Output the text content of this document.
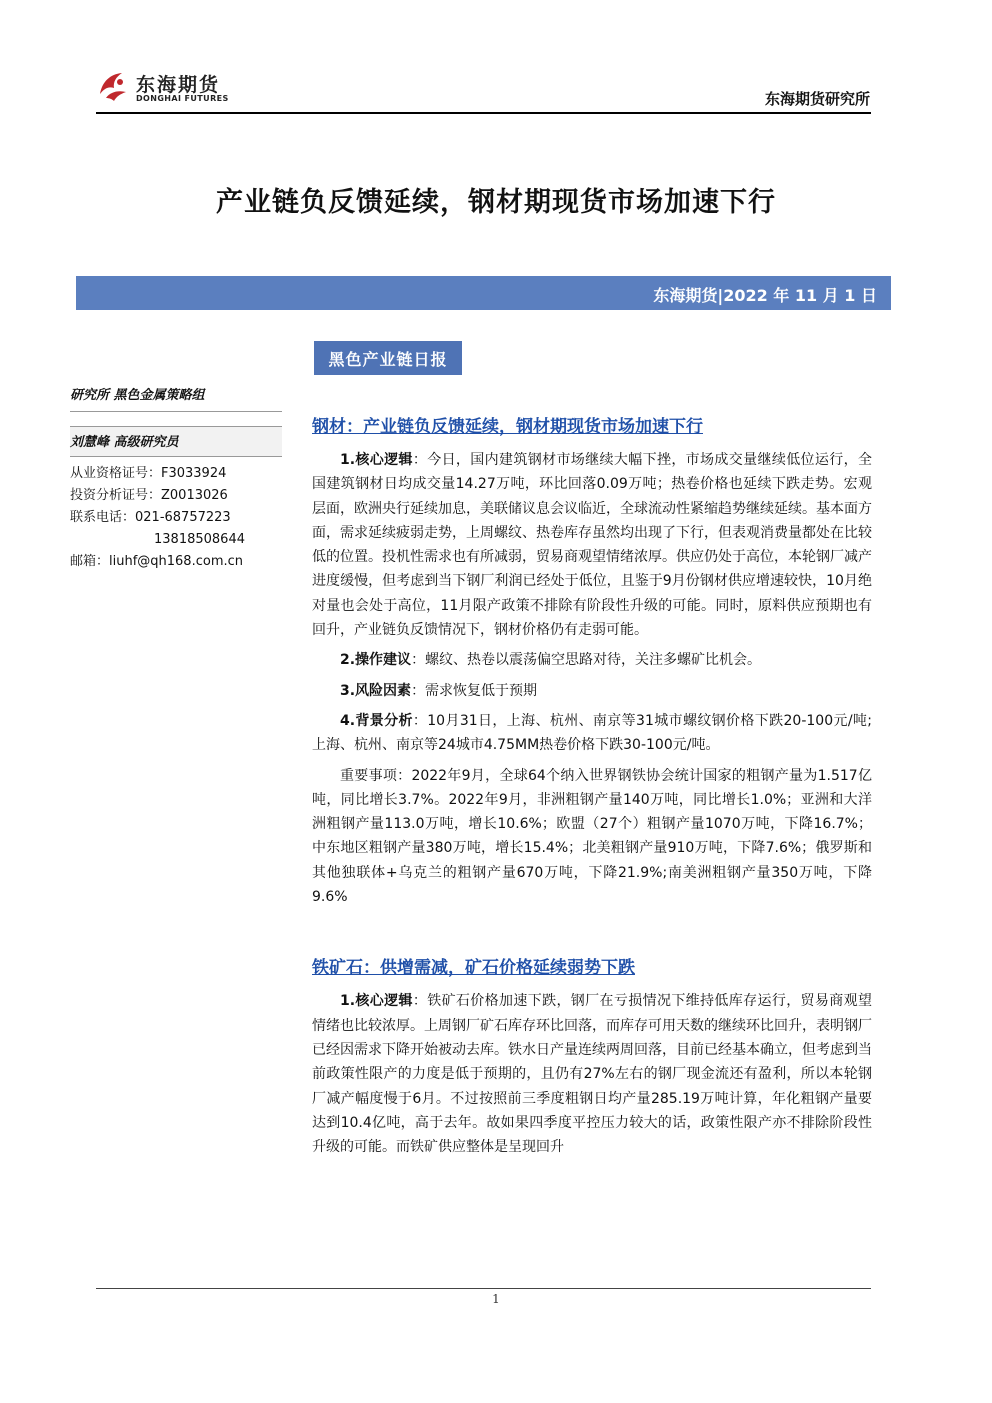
东海期货
DONGHAI FUTURES	东海期货研究所
产业链负反馈延续，钢材期现货市场加速下行
东海期货|2022 年 11 月 1 日
黑色产业链日报
研究所 黑色金属策略组
刘慧峰 高级研究员
从业资格证号：F3033924
投资分析证号：Z0013026
联系电话：021-68757223
13818508644
邮箱：liuhf@qh168.com.cn
钢材：产业链负反馈延续，钢材期现货市场加速下行

1.核心逻辑：今日，国内建筑钢材市场继续大幅下挫，市场成交量继续低位运行，全国建筑钢材日均成交量14.27万吨，环比回落0.09万吨；热卷价格也延续下跌走势。宏观层面，欧洲央行延续加息，美联储议息会议临近，全球流动性紧缩趋势继续延续。基本面方面，需求延续疲弱走势，上周螺纹、热卷库存虽然均出现了下行，但表观消费量都处在比较低的位置。投机性需求也有所减弱，贸易商观望情绪浓厚。供应仍处于高位，本轮钢厂减产进度缓慢，但考虑到当下钢厂利润已经处于低位，且鉴于9月份钢材供应增速较快，10月绝对量也会处于高位，11月限产政策不排除有阶段性升级的可能。同时，原料供应预期也有回升，产业链负反馈情况下，钢材价格仍有走弱可能。

2.操作建议：螺纹、热卷以震荡偏空思路对待，关注多螺矿比机会。

3.风险因素：需求恢复低于预期

4.背景分析：10月31日，上海、杭州、南京等31城市螺纹钢价格下跌20-100元/吨;上海、杭州、南京等24城市4.75MM热卷价格下跌30-100元/吨。

重要事项：2022年9月，全球64个纳入世界钢铁协会统计国家的粗钢产量为1.517亿吨，同比增长3.7%。2022年9月，非洲粗钢产量140万吨，同比增长1.0%；亚洲和大洋洲粗钢产量113.0万吨，增长10.6%；欧盟（27个）粗钢产量1070万吨，下降16.7%；中东地区粗钢产量380万吨，增长15.4%；北美粗钢产量910万吨，下降7.6%；俄罗斯和其他独联体+乌克兰的粗钢产量670万吨，下降21.9%;南美洲粗钢产量350万吨，下降9.6%

铁矿石：供增需减，矿石价格延续弱势下跌

1.核心逻辑：铁矿石价格加速下跌，钢厂在亏损情况下维持低库存运行，贸易商观望情绪也比较浓厚。上周钢厂矿石库存环比回落，而库存可用天数的继续环比回升，表明钢厂已经因需求下降开始被动去库。铁水日产量连续两周回落，目前已经基本确立，但考虑到当前政策性限产的力度是低于预期的，且仍有27%左右的钢厂现金流还有盈利，所以本轮钢厂减产幅度慢于6月。不过按照前三季度粗钢日均产量285.19万吨计算，年化粗钢产量要达到10.4亿吨，高于去年。故如果四季度平控压力较大的话，政策性限产亦不排除阶段性升级的可能。而铁矿供应整体是呈现回升

1
